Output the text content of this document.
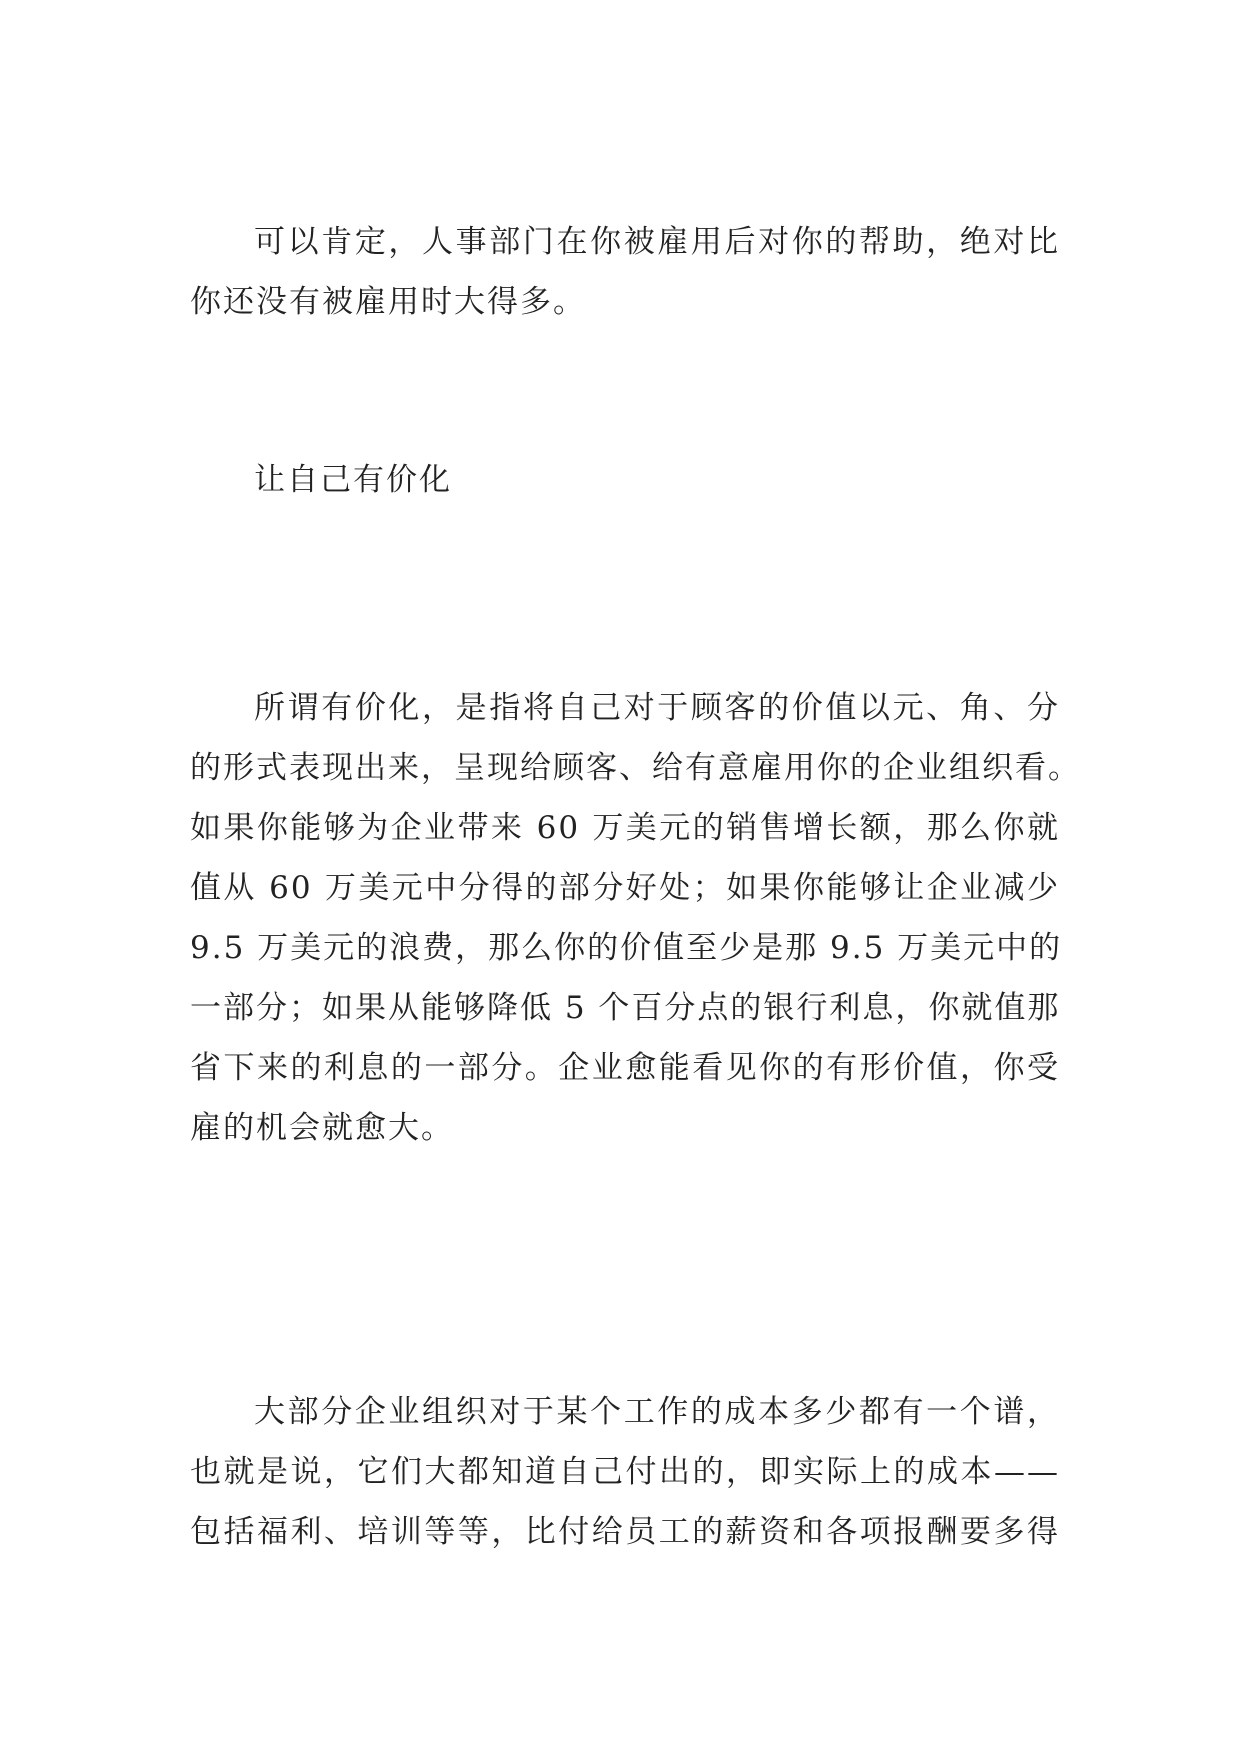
可以肯定，人事部门在你被雇用后对你的帮助，绝对比
你还没有被雇用时大得多。
让自己有价化
所谓有价化，是指将自己对于顾客的价值以元、角、分
的形式表现出来，呈现给顾客、给有意雇用你的企业组织看。
如果你能够为企业带来 60 万美元的销售增长额，那么你就
值从 60 万美元中分得的部分好处；如果你能够让企业减少
9.5 万美元的浪费，那么你的价值至少是那 9.5 万美元中的
一部分；如果从能够降低 5 个百分点的银行利息，你就值那
省下来的利息的一部分。企业愈能看见你的有形价值，你受
雇的机会就愈大。
大部分企业组织对于某个工作的成本多少都有一个谱，
也就是说，它们大都知道自己付出的，即实际上的成本——
包括福利、培训等等，比付给员工的薪资和各项报酬要多得
